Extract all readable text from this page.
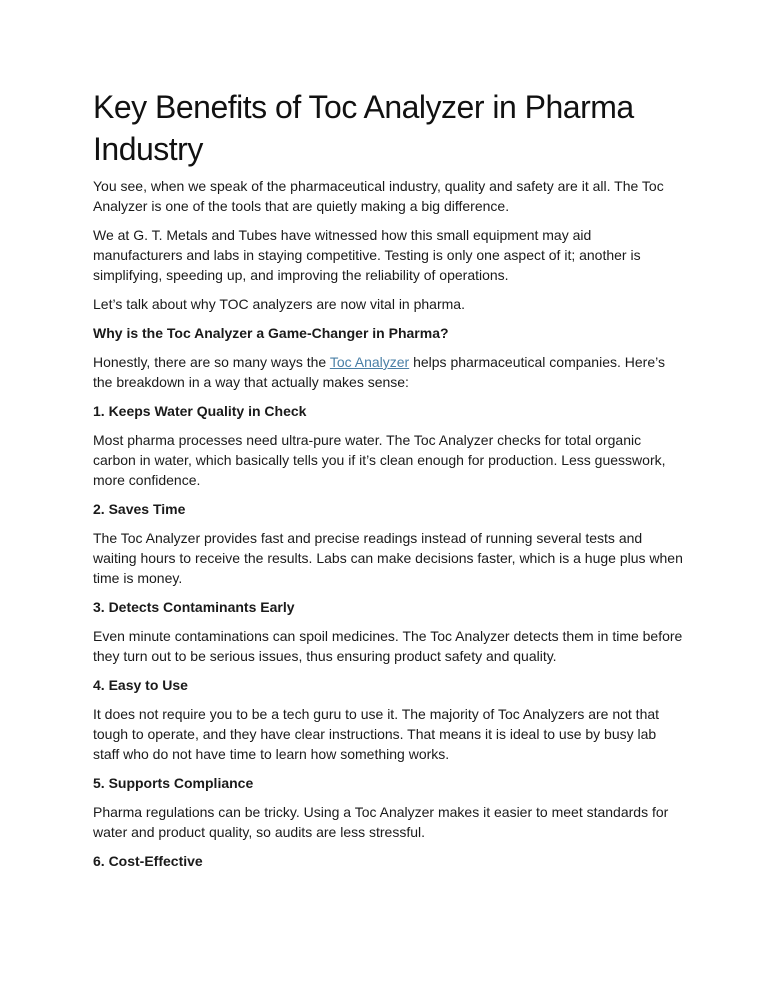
Key Benefits of Toc Analyzer in Pharma Industry

You see, when we speak of the pharmaceutical industry, quality and safety are it all. The Toc Analyzer is one of the tools that are quietly making a big difference.

We at G. T. Metals and Tubes have witnessed how this small equipment may aid manufacturers and labs in staying competitive. Testing is only one aspect of it; another is simplifying, speeding up, and improving the reliability of operations.

Let’s talk about why TOC analyzers are now vital in pharma.

Why is the Toc Analyzer a Game-Changer in Pharma?

Honestly, there are so many ways the Toc Analyzer helps pharmaceutical companies. Here’s the breakdown in a way that actually makes sense:

1. Keeps Water Quality in Check

Most pharma processes need ultra-pure water. The Toc Analyzer checks for total organic carbon in water, which basically tells you if it’s clean enough for production. Less guesswork, more confidence.

2. Saves Time

The Toc Analyzer provides fast and precise readings instead of running several tests and waiting hours to receive the results. Labs can make decisions faster, which is a huge plus when time is money.

3. Detects Contaminants Early

Even minute contaminations can spoil medicines. The Toc Analyzer detects them in time before they turn out to be serious issues, thus ensuring product safety and quality.

4. Easy to Use

It does not require you to be a tech guru to use it. The majority of Toc Analyzers are not that tough to operate, and they have clear instructions. That means it is ideal to use by busy lab staff who do not have time to learn how something works.

5. Supports Compliance

Pharma regulations can be tricky. Using a Toc Analyzer makes it easier to meet standards for water and product quality, so audits are less stressful.

6. Cost-Effective
